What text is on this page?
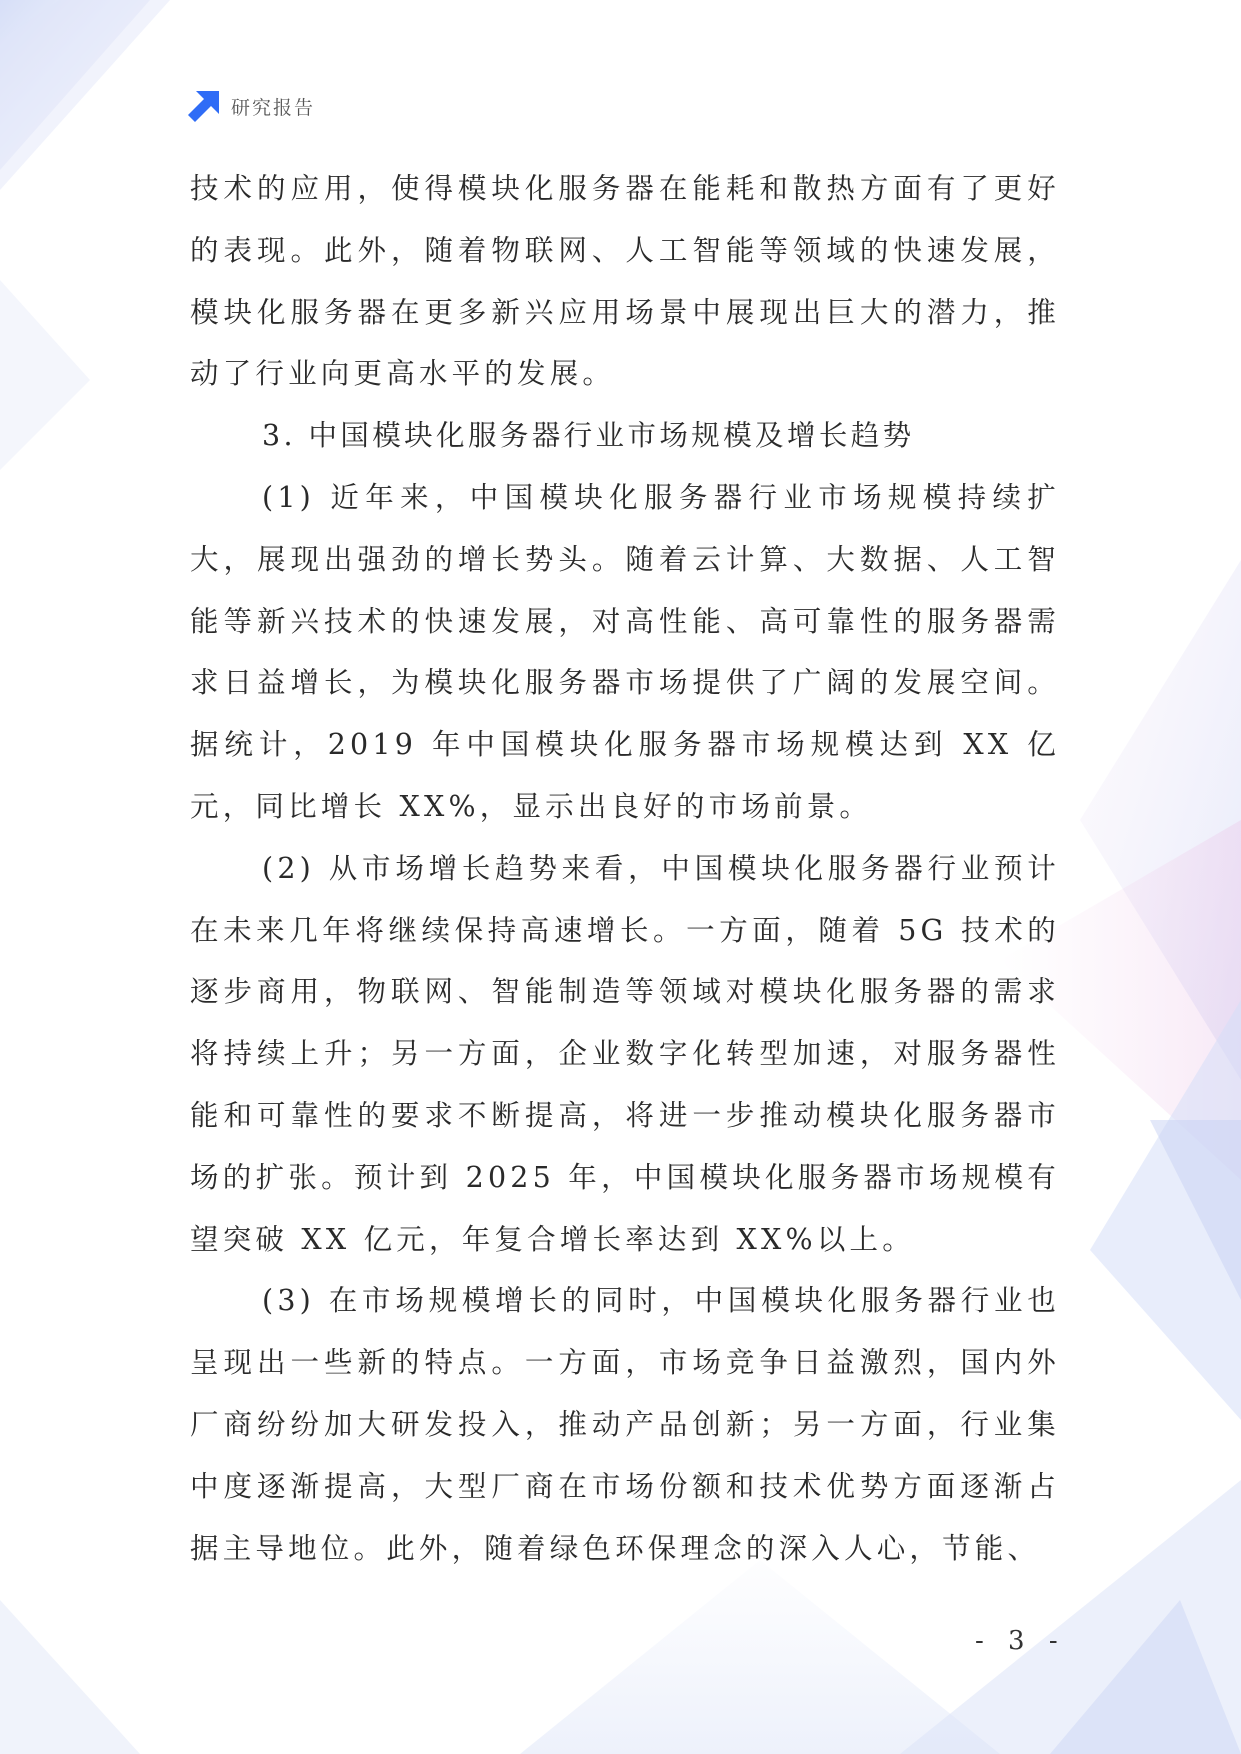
研究报告

技术的应用，使得模块化服务器在能耗和散热方面有了更好的表现。此外，随着物联网、人工智能等领域的快速发展，模块化服务器在更多新兴应用场景中展现出巨大的潜力，推动了行业向更高水平的发展。

3. 中国模块化服务器行业市场规模及增长趋势

(1) 近年来，中国模块化服务器行业市场规模持续扩大，展现出强劲的增长势头。随着云计算、大数据、人工智能等新兴技术的快速发展，对高性能、高可靠性的服务器需求日益增长，为模块化服务器市场提供了广阔的发展空间。据统计，2019 年中国模块化服务器市场规模达到 XX 亿元，同比增长 XX%，显示出良好的市场前景。

(2) 从市场增长趋势来看，中国模块化服务器行业预计在未来几年将继续保持高速增长。一方面，随着 5G 技术的逐步商用，物联网、智能制造等领域对模块化服务器的需求将持续上升；另一方面，企业数字化转型加速，对服务器性能和可靠性的要求不断提高，将进一步推动模块化服务器市场的扩张。预计到 2025 年，中国模块化服务器市场规模有望突破 XX 亿元，年复合增长率达到 XX%以上。

(3) 在市场规模增长的同时，中国模块化服务器行业也呈现出一些新的特点。一方面，市场竞争日益激烈，国内外厂商纷纷加大研发投入，推动产品创新；另一方面，行业集中度逐渐提高，大型厂商在市场份额和技术优势方面逐渐占据主导地位。此外，随着绿色环保理念的深入人心，节能、

- 3 -
